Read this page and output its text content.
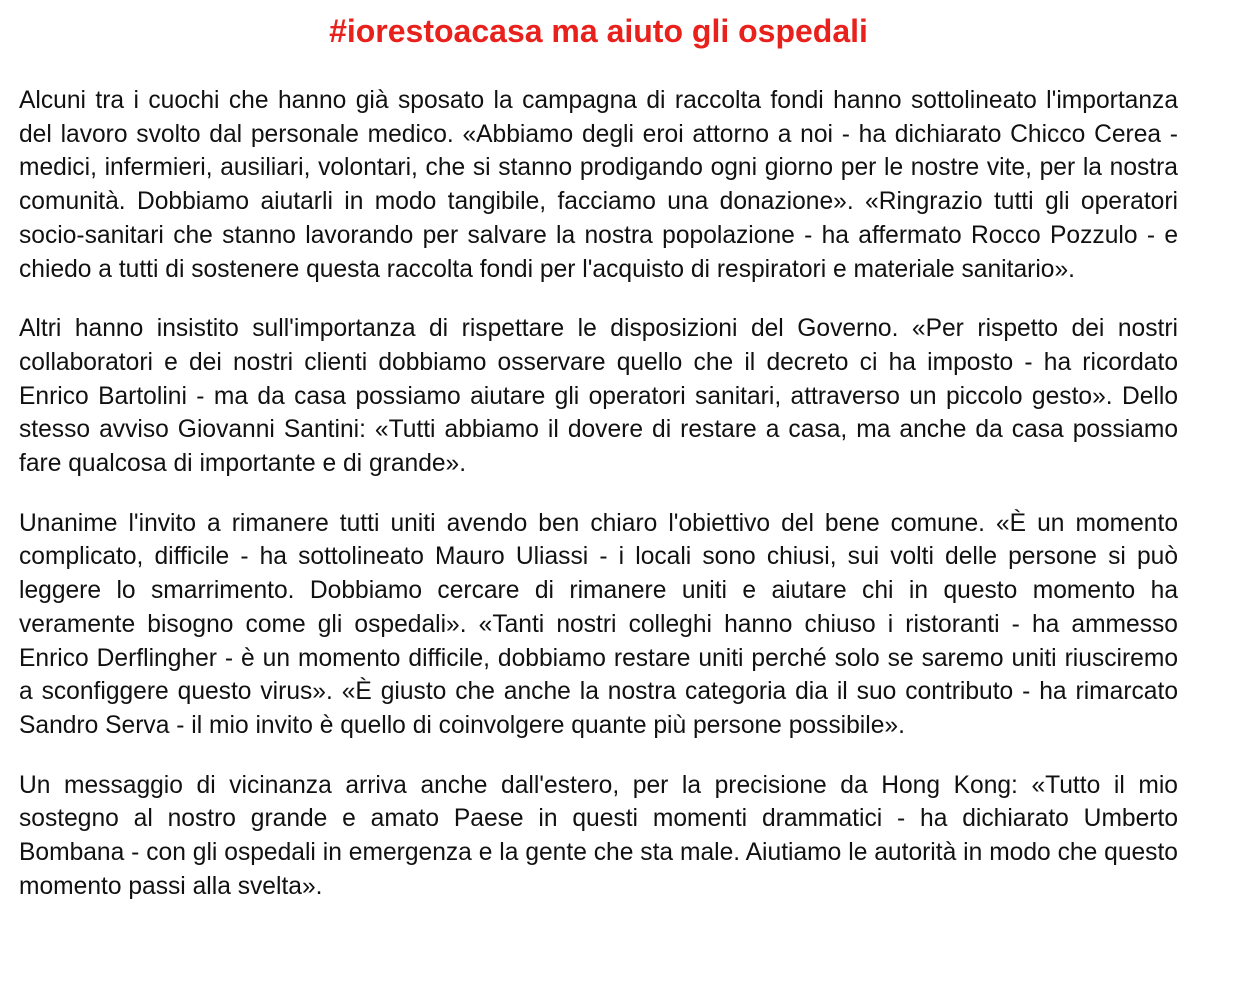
#iorestoacasa ma aiuto gli ospedali

Alcuni tra i cuochi che hanno già sposato la campagna di raccolta fondi hanno sottolineato l'importanza del lavoro svolto dal personale medico. «Abbiamo degli eroi attorno a noi - ha dichiarato Chicco Cerea - medici, infermieri, ausiliari, volontari, che si stanno prodigando ogni giorno per le nostre vite, per la nostra comunità. Dobbiamo aiutarli in modo tangibile, facciamo una donazione». «Ringrazio tutti gli operatori socio-sanitari che stanno lavorando per salvare la nostra popolazione - ha affermato Rocco Pozzulo - e chiedo a tutti di sostenere questa raccolta fondi per l'acquisto di respiratori e materiale sanitario».

Altri hanno insistito sull'importanza di rispettare le disposizioni del Governo. «Per rispetto dei nostri collaboratori e dei nostri clienti dobbiamo osservare quello che il decreto ci ha imposto - ha ricordato Enrico Bartolini - ma da casa possiamo aiutare gli operatori sanitari, attraverso un piccolo gesto». Dello stesso avviso Giovanni Santini: «Tutti abbiamo il dovere di restare a casa, ma anche da casa possiamo fare qualcosa di importante e di grande».

Unanime l'invito a rimanere tutti uniti avendo ben chiaro l'obiettivo del bene comune. «È un momento complicato, difficile - ha sottolineato Mauro Uliassi - i locali sono chiusi, sui volti delle persone si può leggere lo smarrimento. Dobbiamo cercare di rimanere uniti e aiutare chi in questo momento ha veramente bisogno come gli ospedali». «Tanti nostri colleghi hanno chiuso i ristoranti - ha ammesso Enrico Derflingher - è un momento difficile, dobbiamo restare uniti perché solo se saremo uniti riusciremo a sconfiggere questo virus». «È giusto che anche la nostra categoria dia il suo contributo - ha rimarcato Sandro Serva - il mio invito è quello di coinvolgere quante più persone possibile».

Un messaggio di vicinanza arriva anche dall'estero, per la precisione da Hong Kong: «Tutto il mio sostegno al nostro grande e amato Paese in questi momenti drammatici - ha dichiarato Umberto Bombana - con gli ospedali in emergenza e la gente che sta male. Aiutiamo le autorità in modo che questo momento passi alla svelta».
